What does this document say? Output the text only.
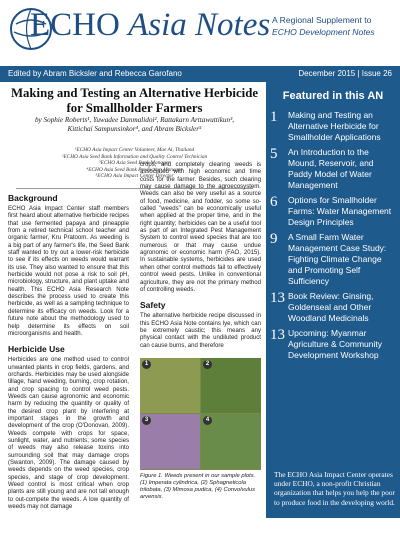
ECHO Asia Notes A Regional Supplement to
ECHO Development Notes
Edited by Abram Bicksler and Rebecca Garofano	December 2015 | Issue 26
Making and Testing an Alternative Herbicide for Smallholder Farmers
by Sophie Roberts¹, Yuwadee Danmalidoi², Rattakarn Arttawuttikun³,
Kittichai Sampunsinkor⁴, and Abram Bicksler⁵
¹ECHO Asia Impact Center Volunteer, Mae Ai, Thailand
²ECHO Asia Seed Bank Information and Quality Control Technician
³ECHO Asia Seed Bank Manager
⁴ECHO Asia Seed Bank Production Manager
⁵ECHO Asia Impact Center Director
Background

ECHO Asia Impact Center staff members first heard about alternative herbicide recipes that use fermented papaya and pineapple from a retired technical school teacher and organic farmer, Kru Pratoom. As weeding is a big part of any farmer's life, the Seed Bank staff wanted to try out a lower-risk herbicide to see if its effects on weeds would warrant its use. They also wanted to ensure that this herbicide would not pose a risk to soil pH, microbiology, structure, and plant uptake and health. This ECHO Asia Research Note describes the process used to create this herbicide, as well as a sampling technique to determine its efficacy on weeds. Look for a future note about the methodology used to help determine its effects on soil microorganisms and health.

Herbicide Use

Herbicides are one method used to control unwanted plants in crop fields, gardens, and orchards. Herbicides may be used alongside tillage, hand weeding, burning, crop rotation, and crop spacing to control weed pests. Weeds can cause agronomic and economic harm by reducing the quantity or quality of the desired crop plant by interfering at important stages in the growth and development of the crop (O'Donovan, 2009). Weeds compete with crops for space, sunlight, water, and nutrients; some species of weeds may also release toxins into surrounding soil that may damage crops (Swanton, 2009). The damage caused by weeds depends on the weed species, crop species, and stage of crop development. Weed control is most critical when crop plants are still young and are not tall enough to out-compete the weeds. A low quantity of weeds may not damage

crops, and completely clearing weeds is associated with high economic and time costs for the farmer. Besides, such clearing may cause damage to the agroecosystem. Weeds can also be very useful as a source of food, medicine, and fodder, so some so-called "weeds" can be economically useful when applied at the proper time, and in the right quantity; herbicides can be a useful tool as part of an Integrated Pest Management System to control weed species that are too numerous or that may cause undue agronomic or economic harm (FAO, 2015). In sustainable systems, herbicides are used when other control methods fail to effectively control weed pests. Unlike in conventional agriculture, they are not the primary method of controlling weeds.

Safety

The alternative herbicide recipe discussed in this ECHO Asia Note contains lye, which can be extremely caustic; this means any physical contact with the undiluted product can cause burns, and therefore

1	2
3	4
Figure 1. Weeds present in our sample plots. (1) Imperata cylindrica, (2) Sphagneticola trilobata, (3) Mimosa pudica, (4) Convolvulus arvensis.
Featured in this AN
1	Making and Testing an Alternative Herbicide for Smallholder Applications
5	An Introduction to the Mound, Reservoir, and Paddy Model of Water Management
6	Options for Smallholder Farms: Water Management Design Principles
9	A Small Farm Water Management Case Study: Fighting Climate Change and Promoting Self Sufficiency
13 Book Review: Ginsing, Goldenseal and Other Woodland Medicinals
13 Upcoming: Myanmar Agriculture & Community Development Workshop
The ECHO Asia Impact Center operates under ECHO, a non-profit Christian organization that helps you help the poor to produce food in the developing world.
ECHO Asia Impact Center
PO Box 64
Chiang Mai 50000 Thailand
echoasia@echonet.org
www.ECHOcommunity.org
